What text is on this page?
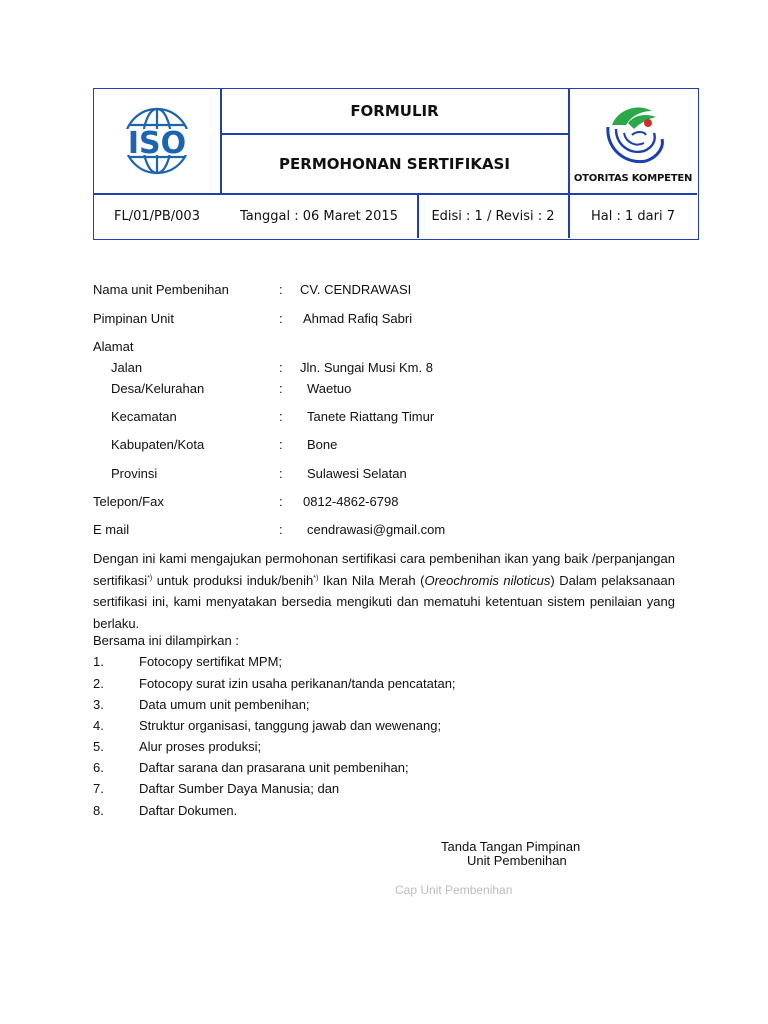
ISO
FORMULIR
PERMOHONAN SERTIFIKASI
OTORITAS KOMPETEN
FL/01/PB/003	Tanggal : 06 Maret 2015	Edisi : 1 / Revisi : 2	Hal : 1 dari 7
Nama unit Pembenihan	: CV. CENDRAWASI
Pimpinan Unit	: Ahmad Rafiq Sabri
Alamat
Jalan	: Jln. Sungai Musi Km. 8
Desa/Kelurahan	: Waetuo
Kecamatan	: Tanete Riattang Timur
Kabupaten/Kota	: Bone
Provinsi	: Sulawesi Selatan
Telepon/Fax	: 0812-4862-6798
E mail	: cendrawasi@gmail.com
Dengan ini kami mengajukan permohonan sertifikasi cara pembenihan ikan yang baik /perpanjangan sertifikasi*) untuk produksi induk/benih*) Ikan Nila Merah (Oreochromis niloticus) Dalam pelaksanaan sertifikasi ini, kami menyatakan bersedia mengikuti dan mematuhi ketentuan sistem penilaian yang berlaku.
Bersama ini dilampirkan :
1.	Fotocopy sertifikat MPM;
2.	Fotocopy surat izin usaha perikanan/tanda pencatatan;
3.	Data umum unit pembenihan;
4.	Struktur organisasi, tanggung jawab dan wewenang;
5.	Alur proses produksi;
6.	Daftar sarana dan prasarana unit pembenihan;
7.	Daftar Sumber Daya Manusia; dan
8.	Daftar Dokumen.
Tanda Tangan Pimpinan
Unit Pembenihan
Cap Unit Pembenihan
